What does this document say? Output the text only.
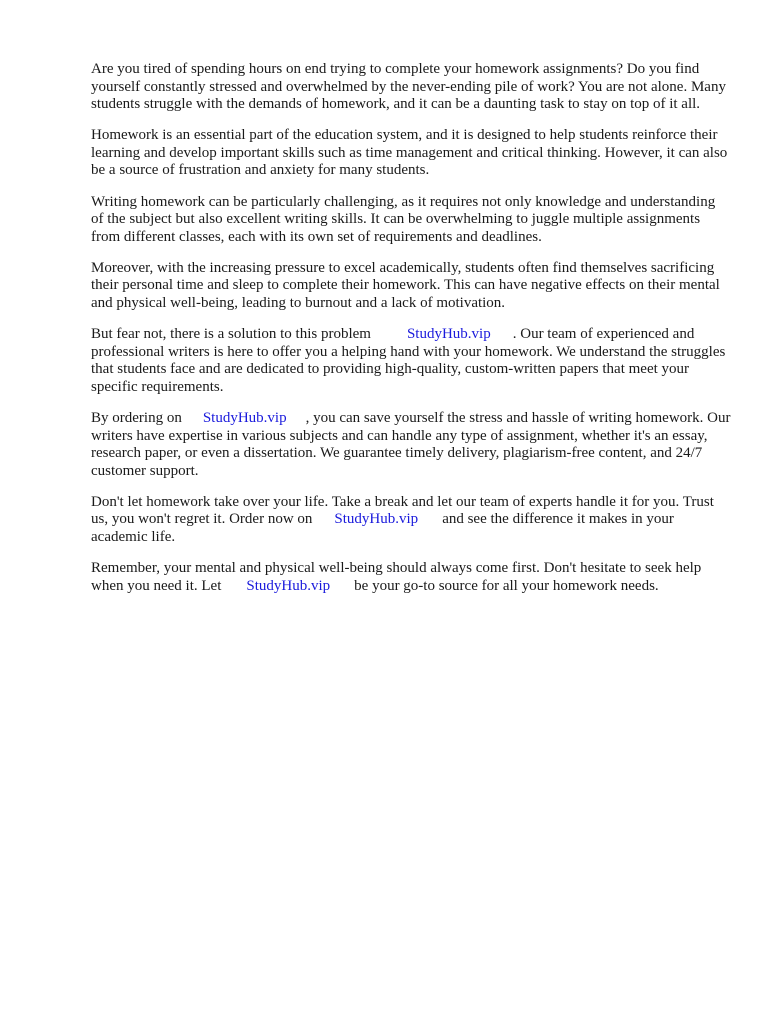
Are you tired of spending hours on end trying to complete your homework assignments? Do you find yourself constantly stressed and overwhelmed by the never-ending pile of work? You are not alone. Many students struggle with the demands of homework, and it can be a daunting task to stay on top of it all.

Homework is an essential part of the education system, and it is designed to help students reinforce their learning and develop important skills such as time management and critical thinking. However, it can also be a source of frustration and anxiety for many students.

Writing homework can be particularly challenging, as it requires not only knowledge and understanding of the subject but also excellent writing skills. It can be overwhelming to juggle multiple assignments from different classes, each with its own set of requirements and deadlines.

Moreover, with the increasing pressure to excel academically, students often find themselves sacrificing their personal time and sleep to complete their homework. This can have negative effects on their mental and physical well-being, leading to burnout and a lack of motivation.

But fear not, there is a solution to this problem StudyHub.vip . Our team of experienced and professional writers is here to offer you a helping hand with your homework. We understand the struggles that students face and are dedicated to providing high-quality, custom-written papers that meet your specific requirements.

By ordering on StudyHub.vip , you can save yourself the stress and hassle of writing homework. Our writers have expertise in various subjects and can handle any type of assignment, whether it's an essay, research paper, or even a dissertation. We guarantee timely delivery, plagiarism-free content, and 24/7 customer support.

Don't let homework take over your life. Take a break and let our team of experts handle it for you. Trust us, you won't regret it. Order now on StudyHub.vip and see the difference it makes in your academic life.

Remember, your mental and physical well-being should always come first. Don't hesitate to seek help when you need it. Let StudyHub.vip be your go-to source for all your homework needs.
